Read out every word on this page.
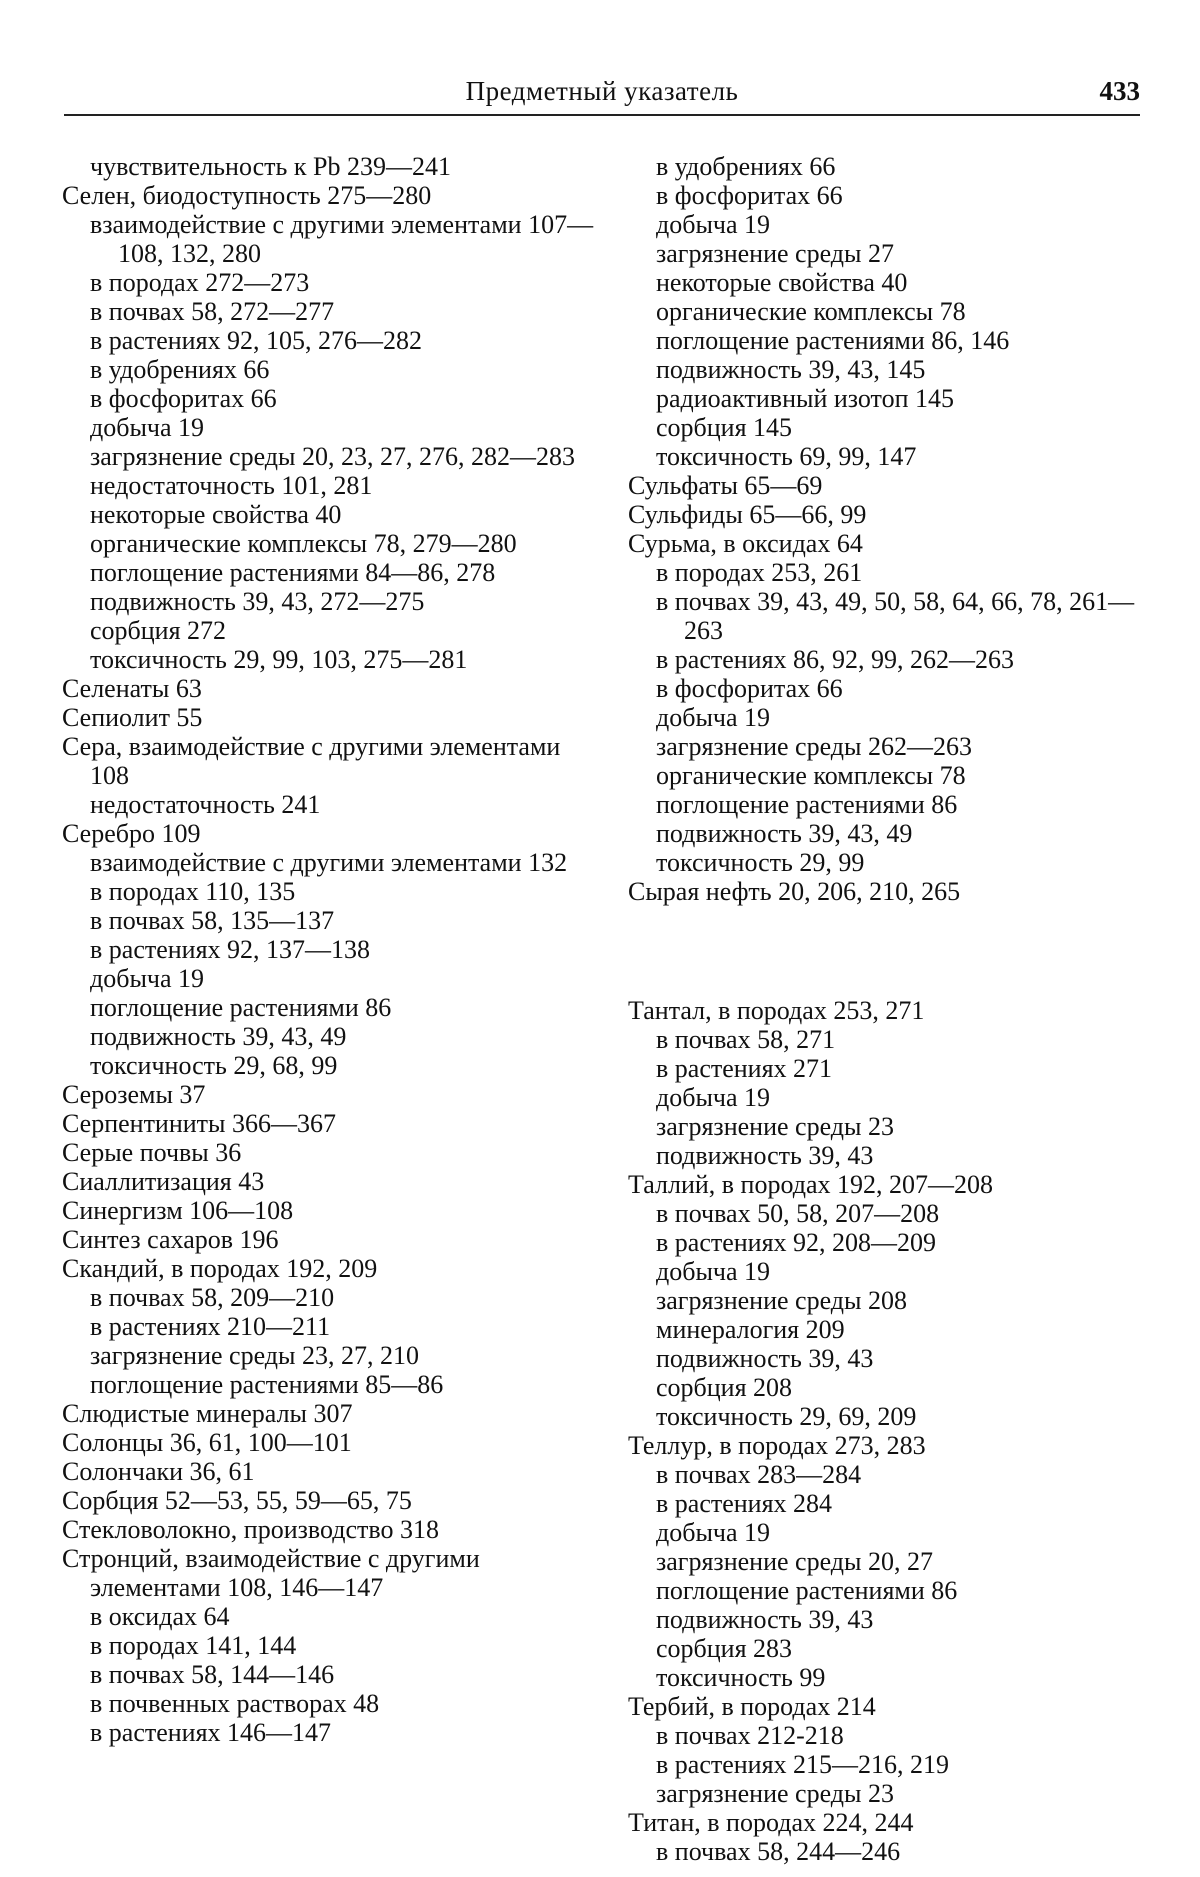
Предметный указатель	433

чувствительность к Pb 239—241

Селен, биодоступность 275—280

взаимодействие с другими элементами 107—108, 132, 280

в породах 272—273

в почвах 58, 272—277

в растениях 92, 105, 276—282

в удобрениях 66

в фосфоритах 66

добыча 19

загрязнение среды 20, 23, 27, 276, 282—283

недостаточность 101, 281

некоторые свойства 40

органические комплексы 78, 279—280

поглощение растениями 84—86, 278

подвижность 39, 43, 272—275

сорбция 272

токсичность 29, 99, 103, 275—281

Селенаты 63

Сепиолит 55

Сера, взаимодействие с другими элементами 108

недостаточность 241

Серебро 109

взаимодействие с другими элементами 132

в породах 110, 135

в почвах 58, 135—137

в растениях 92, 137—138

добыча 19

поглощение растениями 86

подвижность 39, 43, 49

токсичность 29, 68, 99

Сероземы 37

Серпентиниты 366—367

Серые почвы 36

Сиаллитизация 43

Синергизм 106—108

Синтез сахаров 196

Скандий, в породах 192, 209

в почвах 58, 209—210

в растениях 210—211

загрязнение среды 23, 27, 210

поглощение растениями 85—86

Слюдистые минералы 307

Солонцы 36, 61, 100—101

Солончаки 36, 61

Сорбция 52—53, 55, 59—65, 75

Стекловолокно, производство 318

Стронций, взаимодействие с другими элементами 108, 146—147

в оксидах 64

в породах 141, 144

в почвах 58, 144—146

в почвенных растворах 48

в растениях 146—147

в удобрениях 66

в фосфоритах 66

добыча 19

загрязнение среды 27

некоторые свойства 40

органические комплексы 78

поглощение растениями 86, 146

подвижность 39, 43, 145

радиоактивный изотоп 145

сорбция 145

токсичность 69, 99, 147

Сульфаты 65—69

Сульфиды 65—66, 99

Сурьма, в оксидах 64

в породах 253, 261

в почвах 39, 43, 49, 50, 58, 64, 66, 78, 261—263

в растениях 86, 92, 99, 262—263

в фосфоритах 66

добыча 19

загрязнение среды 262—263

органические комплексы 78

поглощение растениями 86

подвижность 39, 43, 49

токсичность 29, 99

Сырая нефть 20, 206, 210, 265

Тантал, в породах 253, 271

в почвах 58, 271

в растениях 271

добыча 19

загрязнение среды 23

подвижность 39, 43

Таллий, в породах 192, 207—208

в почвах 50, 58, 207—208

в растениях 92, 208—209

добыча 19

загрязнение среды 208

минералогия 209

подвижность 39, 43

сорбция 208

токсичность 29, 69, 209

Теллур, в породах 273, 283

в почвах 283—284

в растениях 284

добыча 19

загрязнение среды 20, 27

поглощение растениями 86

подвижность 39, 43

сорбция 283

токсичность 99

Тербий, в породах 214

в почвах 212-218

в растениях 215—216, 219

загрязнение среды 23

Титан, в породах 224, 244

в почвах 58, 244—246
